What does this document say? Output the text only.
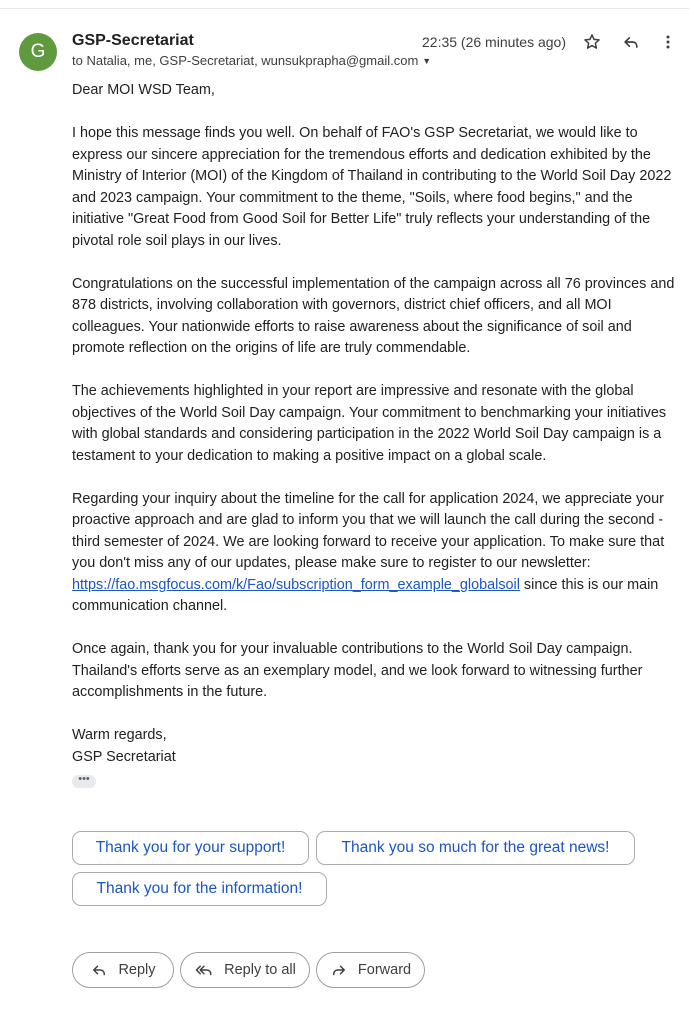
G
GSP-Secretariat
to Natalia, me, GSP-Secretariat, wunsukprapha@gmail.com ▼
22:35 (26 minutes ago)

Dear MOI WSD Team,

I hope this message finds you well. On behalf of FAO's GSP Secretariat, we would like to express our sincere appreciation for the tremendous efforts and dedication exhibited by the Ministry of Interior (MOI) of the Kingdom of Thailand in contributing to the World Soil Day 2022 and 2023 campaign. Your commitment to the theme, "Soils, where food begins," and the initiative "Great Food from Good Soil for Better Life" truly reflects your understanding of the pivotal role soil plays in our lives.

Congratulations on the successful implementation of the campaign across all 76 provinces and 878 districts, involving collaboration with governors, district chief officers, and all MOI colleagues. Your nationwide efforts to raise awareness about the significance of soil and promote reflection on the origins of life are truly commendable.

The achievements highlighted in your report are impressive and resonate with the global objectives of the World Soil Day campaign. Your commitment to benchmarking your initiatives with global standards and considering participation in the 2022 World Soil Day campaign is a testament to your dedication to making a positive impact on a global scale.

Regarding your inquiry about the timeline for the call for application 2024, we appreciate your proactive approach and are glad to inform you that we will launch the call during the second - third semester of 2024. We are looking forward to receive your application. To make sure that you don't miss any of our updates, please make sure to register to our newsletter: https://fao.msgfocus.com/k/Fao/subscription_form_example_globalsoil since this is our main communication channel.

Once again, thank you for your invaluable contributions to the World Soil Day campaign. Thailand's efforts serve as an exemplary model, and we look forward to witnessing further accomplishments in the future.

Warm regards,

GSP Secretariat

•••
Thank you for your support!	Thank you so much for the great news!
Thank you for the information!
Reply	Reply to all	Forward
